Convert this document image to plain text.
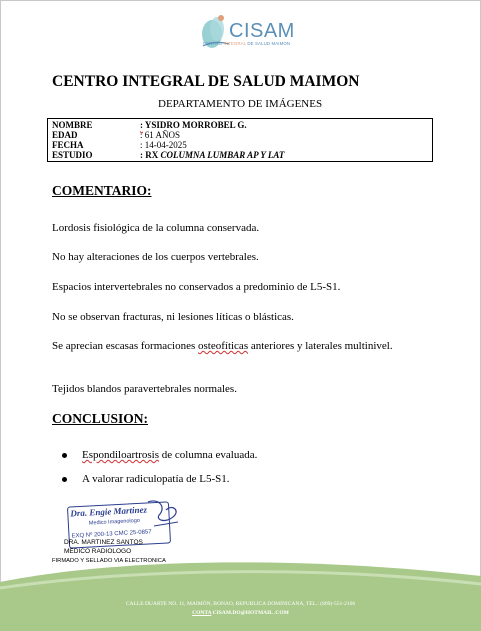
CISAM
CENTRO INTEGRAL DE SALUD MAIMON
CENTRO INTEGRAL DE SALUD MAIMON
DEPARTAMENTO DE IMÁGENES
NOMBRE	: YSIDRO MORROBEL G.
EDAD	: 61 AÑOS
FECHA	: 14-04-2025
ESTUDIO	: RX COLUMNA LUMBAR AP Y LAT
COMENTARIO:
Lordosis fisiológica de la columna conservada.
No hay alteraciones de los cuerpos vertebrales.
Espacios intervertebrales no conservados a predominio de L5-S1.
No se observan fracturas, ni lesiones líticas o blásticas.
Se aprecian escasas formaciones osteofíticas anteriores y laterales multinivel.
Tejidos blandos paravertebrales normales.
CONCLUSION:
Espondiloartrosis de columna evaluada.
A valorar radiculopatía de L5-S1.
Dra. Engie Martinez
Medico Imagenologo
EXQ Nº 200-13 CMC 25-0857
DRA. MARTINEZ SANTOS
MEDICO RADIOLOGO
FIRMADO Y SELLADO VIA ELECTRONICA
CALLE DUARTE NO. 11, MAIMÓN, BONAO, REPUBLICA DOMINICANA, TEL.: (809)-551-2106
CONTA CISAM.DO@HOTMAIL .COM
